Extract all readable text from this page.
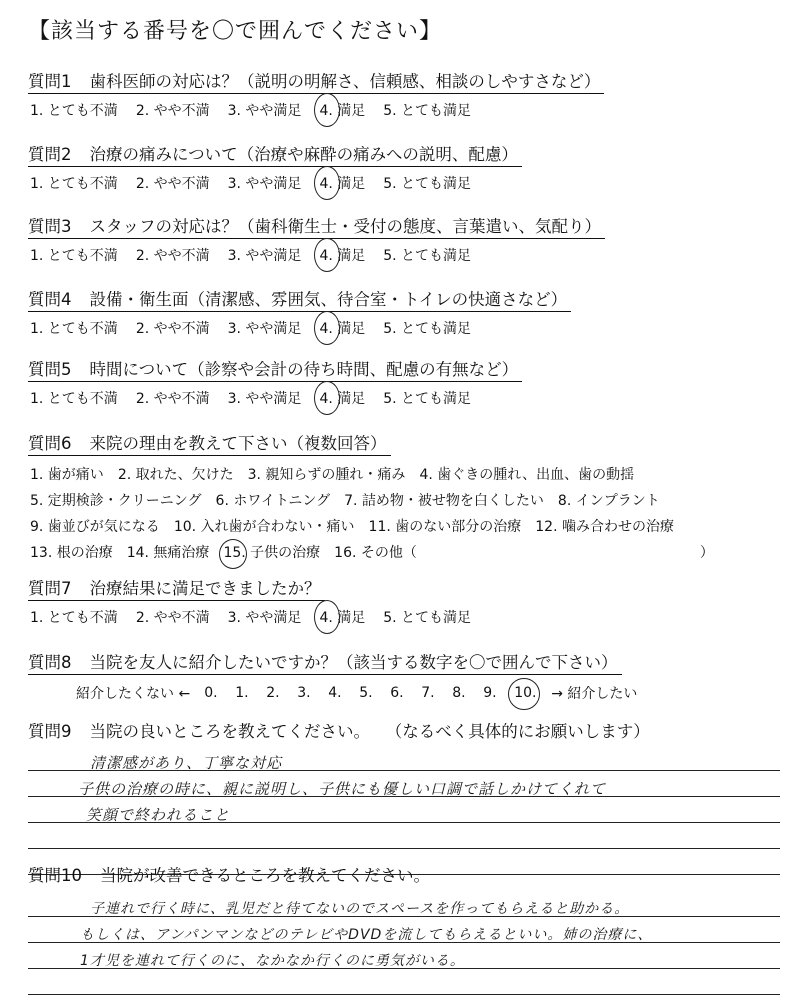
【該当する番号を〇で囲んでください】
質問1 歯科医師の対応は？（説明の明解さ、信頼感、相談のしやすさなど）
1. とても不満 2. やや不満 3. やや満足 4. 満足 5. とても満足
質問2 治療の痛みについて（治療や麻酔の痛みへの説明、配慮）
1. とても不満 2. やや不満 3. やや満足 4. 満足 5. とても満足
質問3 スタッフの対応は？（歯科衛生士・受付の態度、言葉遣い、気配り）
1. とても不満 2. やや不満 3. やや満足 4. 満足 5. とても満足
質問4 設備・衛生面（清潔感、雰囲気、待合室・トイレの快適さなど）
1. とても不満 2. やや不満 3. やや満足 4. 満足 5. とても満足
質問5 時間について（診察や会計の待ち時間、配慮の有無など）
1. とても不満 2. やや不満 3. やや満足 4. 満足 5. とても満足
質問6 来院の理由を教えて下さい（複数回答）
1. 歯が痛い 2. 取れた、欠けた 3. 親知らずの腫れ・痛み 4. 歯ぐきの腫れ、出血、歯の動揺
5. 定期検診・クリーニング 6. ホワイトニング 7. 詰め物・被せ物を白くしたい 8. インプラント
9. 歯並びが気になる 10. 入れ歯が合わない・痛い 11. 歯のない部分の治療 12. 噛み合わせの治療
13. 根の治療 14. 無痛治療 15.
子供の治療 16. その他（	）
質問7 治療結果に満足できましたか？
1. とても不満 2. やや不満 3. やや満足 4. 満足 5. とても満足
質問8 当院を友人に紹介したいですか？（該当する数字を〇で囲んで下さい）
紹介したくない ← 0.	1.	2.	3.	4.	5.	6.	7.	8.	9.	10.	→ 紹介したい
質問9 当院の良いところを教えてください。 （なるべく具体的にお願いします）
清潔感があり、丁寧な対応
子供の治療の時に、親に説明し、子供にも優しい口調で話しかけてくれて
笑顔で終われること
質問10 当院が改善できるところを教えてください。
子連れで行く時に、乳児だと待てないのでスペースを作ってもらえると助かる。
もしくは、アンパンマンなどのテレビやDVDを流してもらえるといい。姉の治療に、
1才児を連れて行くのに、なかなか行くのに勇気がいる。
